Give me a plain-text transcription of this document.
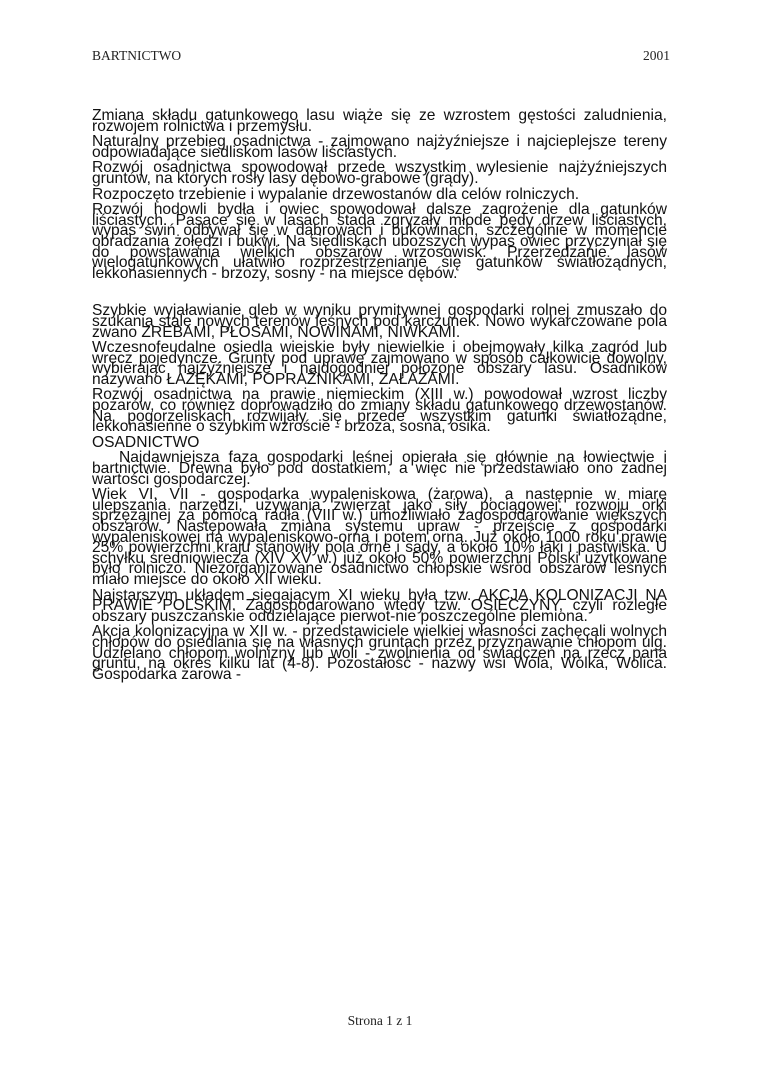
BARTNICTWO	2001

Zmiana składu gatunkowego lasu wiąże się ze wzrostem gęstości zaludnienia, rozwojem rolnictwa i przemysłu.

Naturalny przebieg osadnictwa - zajmowano najżyźniejsze i najcieplejsze tereny odpowiadające siedliskom lasów liściastych.

Rozwój osadnictwa spowodował przede wszystkim wylesienie najżyźniejszych gruntów, na których rosły lasy dębowo-grabowe (grądy).

Rozpoczęto trzebienie i wypalanie drzewostanów dla celów rolniczych.

Rozwój hodowli bydła i owiec spowodował dalsze zagrożenie dla gatunków liściastych. Pasące się w lasach stada zgryzały młode pędy drzew liściastych, wypas świń odbywał się w dąbrowach i bukowinach, szczególnie w momencie obradzania żołędzi i bukwi. Na siedliskach uboższych wypas owiec przyczyniał się do powstawania wielkich obszarów wrzosowisk. Przerzedzanie lasów wielogatunkowych ułatwiło rozprzestrzenianie się gatunków światłożądnych, lekkonasiennych - brzozy, sosny - na miejsce dębów.

Szybkie wyjaławianie gleb w wyniku prymitywnej gospodarki rolnej zmuszało do szukania stale nowych terenów leśnych pod karczunek. Nowo wykarczowane pola zwano ŻREBAMI, PŁOSAMI, NOWINAMI, NIWKAMI.

Wczesnofeudalne osiedla wiejskie były niewielkie i obejmowały kilka zagród lub wręcz pojedyncze. Grunty pod uprawę zajmowano w sposób całkowicie dowolny, wybierając najżyźniejsze i najdogodniej położone obszary lasu. Osadników nazywano ŁAZĘKAMI, POPRAŻNIKAMI, ZAŁAZAMI.

Rozwój osadnictwa na prawie niemieckim (XIII w.) powodował wzrost liczby pożarów, co również doprowadziło do zmiany składu gatunkowego drzewostanów. Na pogorzeliskach rozwijały się przede wszystkim gatunki światłożądne, lekkonasienne o szybkim wzroście - brzoza, sosna, osika.

OSADNICTWO

Najdawniejsza faza gospodarki leśnej opierała się głównie na łowiectwie i bartnictwie. Drewna było pod dostatkiem, a więc nie przedstawiało ono żadnej wartości gospodarczej.

Wiek VI, VII - gospodarka wypaleniskowa (żarowa), a następnie w miarę ulepszania narzędzi, używania zwierząt jako siły pociągowej, rozwoju orki sprzężajnej za pomocą radła (VIII w.) umożliwiało zagospodarowanie większych obszarów. Następowała zmiana systemu upraw - przejście z gospodarki wypaleniskowej na wypaleniskowo-orną i potem orną. Już około 1000 roku prawie 25% powierzchni kraju stanowiły pola orne i sady, a około 10% łąki i pastwiska. U schyłku średniowiecza (XIV XV w.) już około 50% powierzchni Polski użytkowane było rolniczo. Niezorganizowane osadnictwo chłopskie wśród obszarów leśnych miało miejsce do około XII wieku.

Najstarszym układem sięgającym XI wieku była tzw. AKCJA KOLONIZACJI NA PRAWIE POLSKIM. Zagospodarowano wtedy tzw. OSIECZYNY, czyli rozległe obszary puszczańskie oddzielające pierwot-nie poszczególne plemiona.

Akcja kolonizacyjna w XII w. - przedstawiciele wielkiej własności zachęcali wolnych chłopów do osiedlania się na własnych gruntach przez przyznawanie chłopom ulg. Udzielano chłopom wolnizny lub woli - zwolnienia od świadczeń na rzecz pana gruntu, na okres kilku lat (4-8). Pozostałość - nazwy wsi Wola, Wólka, Wolica. Gospodarka żarowa -

Strona 1 z 1
